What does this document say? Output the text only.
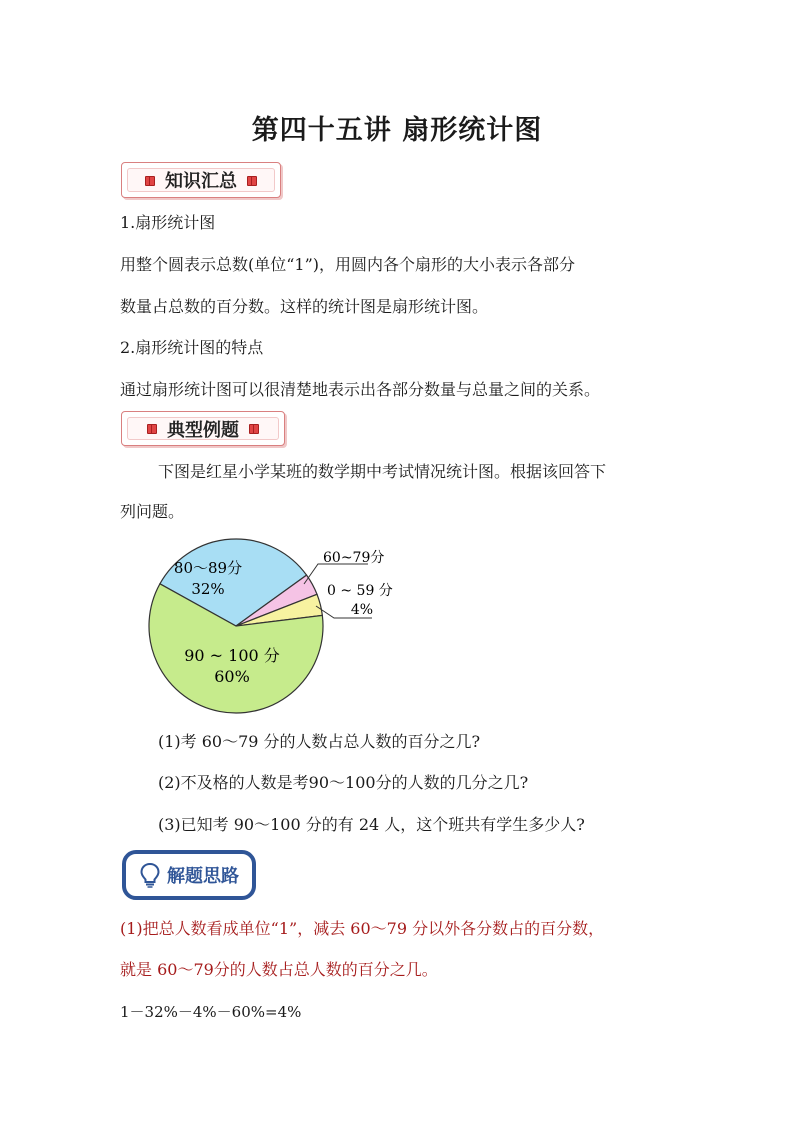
第四十五讲 扇形统计图
知识汇总
1.扇形统计图
用整个圆表示总数(单位“1”)，用圆内各个扇形的大小表示各部分
数量占总数的百分数。这样的统计图是扇形统计图。
2.扇形统计图的特点
通过扇形统计图可以很清楚地表示出各部分数量与总量之间的关系。
典型例题
下图是红星小学某班的数学期中考试情况统计图。根据该回答下
列问题。
80～89分
32%
60~79分
0 ~ 59 分
4%
90 ~ 100 分
60%
(1)考 60～79 分的人数占总人数的百分之几?
(2)不及格的人数是考90～100分的人数的几分之几?
(3)已知考 90～100 分的有 24 人，这个班共有学生多少人?
解题思路
(1)把总人数看成单位“1”，减去 60～79 分以外各分数占的百分数，
就是 60～79分的人数占总人数的百分之几。
1－32%－4%－60%=4%
